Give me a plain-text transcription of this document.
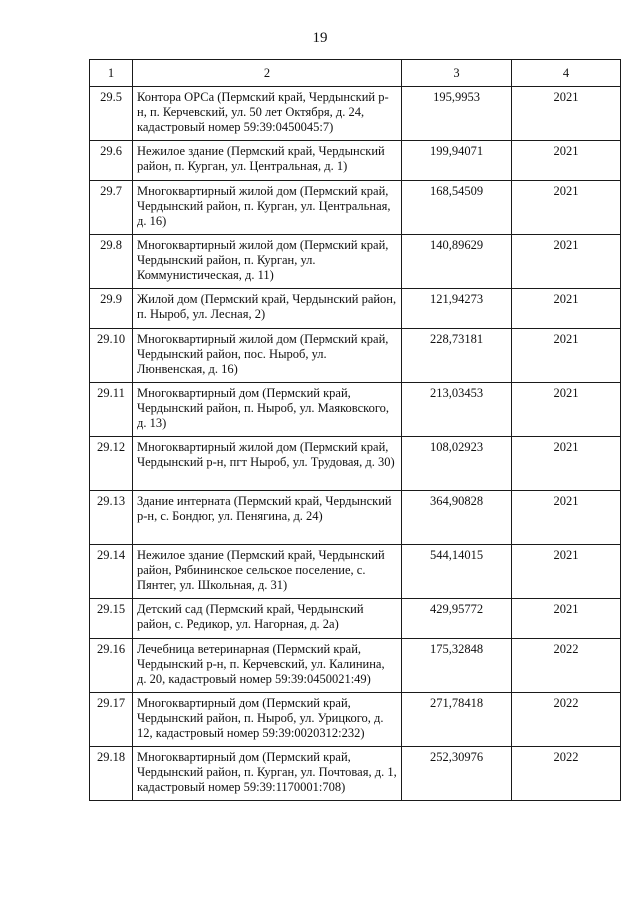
19
1	2	3	4
29.5	Контора ОРСа (Пермский край, Чердынский р-н, п. Керчевский, ул. 50 лет Октября, д. 24, кадастровый номер 59:39:0450045:7)	195,9953	2021
29.6	Нежилое здание (Пермский край, Чердынский район, п. Курган, ул. Центральная, д. 1)	199,94071	2021
29.7	Многоквартирный жилой дом (Пермский край, Чердынский район, п. Курган, ул. Центральная, д. 16)	168,54509	2021
29.8	Многоквартирный жилой дом (Пермский край, Чердынский район, п. Курган, ул. Коммунистическая, д. 11)	140,89629	2021
29.9	Жилой дом (Пермский край, Чердынский район, п. Ныроб, ул. Лесная, 2)	121,94273	2021
29.10	Многоквартирный жилой дом (Пермский край, Чердынский район, пос. Ныроб, ул. Люнвенская, д. 16)	228,73181	2021
29.11	Многоквартирный дом (Пермский край, Чердынский район, п. Ныроб, ул. Маяковского, д. 13)	213,03453	2021
29.12	Многоквартирный жилой дом (Пермский край, Чердынский р-н, пгт Ныроб, ул. Трудовая, д. 30)	108,02923	2021
29.13	Здание интерната (Пермский край, Чердынский р-н, с. Бондюг, ул. Пенягина, д. 24)	364,90828	2021
29.14	Нежилое здание (Пермский край, Чердынский район, Рябининское сельское поселение, с. Пянтег, ул. Школьная, д. 31)	544,14015	2021
29.15	Детский сад (Пермский край, Чердынский район, с. Редикор, ул. Нагорная, д. 2а)	429,95772	2021
29.16	Лечебница ветеринарная (Пермский край, Чердынский р-н, п. Керчевский, ул. Калинина, д. 20, кадастровый номер 59:39:0450021:49)	175,32848	2022
29.17	Многоквартирный дом (Пермский край, Чердынский район, п. Ныроб, ул. Урицкого, д. 12, кадастровый номер 59:39:0020312:232)	271,78418	2022
29.18	Многоквартирный дом (Пермский край, Чердынский район, п. Курган, ул. Почтовая, д. 1, кадастровый номер 59:39:1170001:708)	252,30976	2022
